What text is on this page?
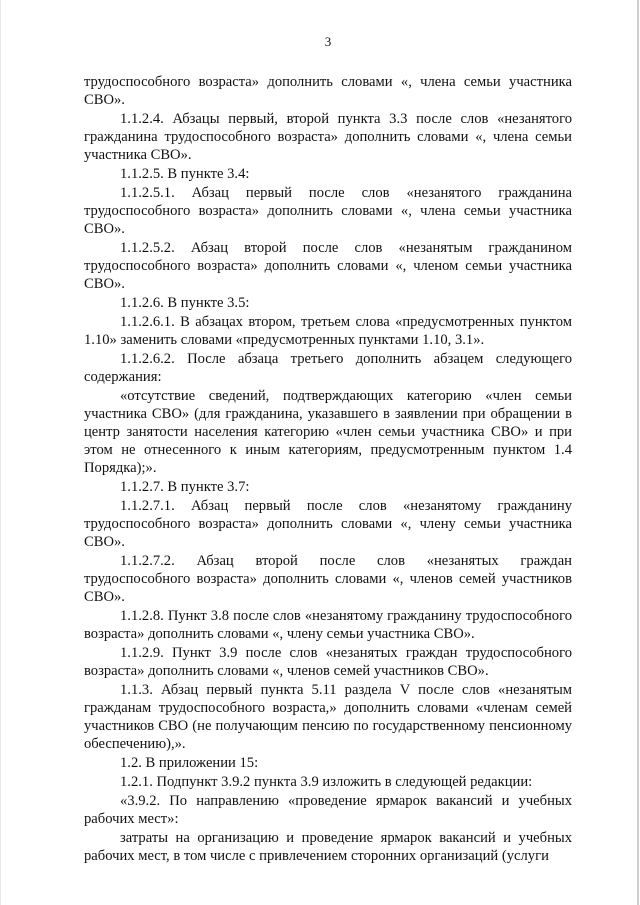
3

трудоспособного возраста» дополнить словами «, члена семьи участника СВО».

1.1.2.4. Абзацы первый, второй пункта 3.3 после слов «незанятого гражданина трудоспособного возраста» дополнить словами «, члена семьи участника СВО».

1.1.2.5. В пункте 3.4:

1.1.2.5.1. Абзац первый после слов «незанятого гражданина трудоспособного возраста» дополнить словами «, члена семьи участника СВО».

1.1.2.5.2. Абзац второй после слов «незанятым гражданином трудоспособного возраста» дополнить словами «, членом семьи участника СВО».

1.1.2.6. В пункте 3.5:

1.1.2.6.1. В абзацах втором, третьем слова «предусмотренных пунктом 1.10» заменить словами «предусмотренных пунктами 1.10, 3.1».

1.1.2.6.2. После абзаца третьего дополнить абзацем следующего содержания:

«отсутствие сведений, подтверждающих категорию «член семьи участника СВО» (для гражданина, указавшего в заявлении при обращении в центр занятости населения категорию «член семьи участника СВО» и при этом не отнесенного к иным категориям, предусмотренным пунктом 1.4 Порядка);».

1.1.2.7. В пункте 3.7:

1.1.2.7.1. Абзац первый после слов «незанятому гражданину трудоспособного возраста» дополнить словами «, члену семьи участника СВО».

1.1.2.7.2. Абзац второй после слов «незанятых граждан трудоспособного возраста» дополнить словами «, членов семей участников СВО».

1.1.2.8. Пункт 3.8 после слов «незанятому гражданину трудоспособного возраста» дополнить словами «, члену семьи участника СВО».

1.1.2.9. Пункт 3.9 после слов «незанятых граждан трудоспособного возраста» дополнить словами «, членов семей участников СВО».

1.1.3. Абзац первый пункта 5.11 раздела V после слов «незанятым гражданам трудоспособного возраста,» дополнить словами «членам семей участников СВО (не получающим пенсию по государственному пенсионному обеспечению),».

1.2. В приложении 15:

1.2.1. Подпункт 3.9.2 пункта 3.9 изложить в следующей редакции:

«3.9.2. По направлению «проведение ярмарок вакансий и учебных рабочих мест»:

затраты на организацию и проведение ярмарок вакансий и учебных рабочих мест, в том числе с привлечением сторонних организаций (услуги
